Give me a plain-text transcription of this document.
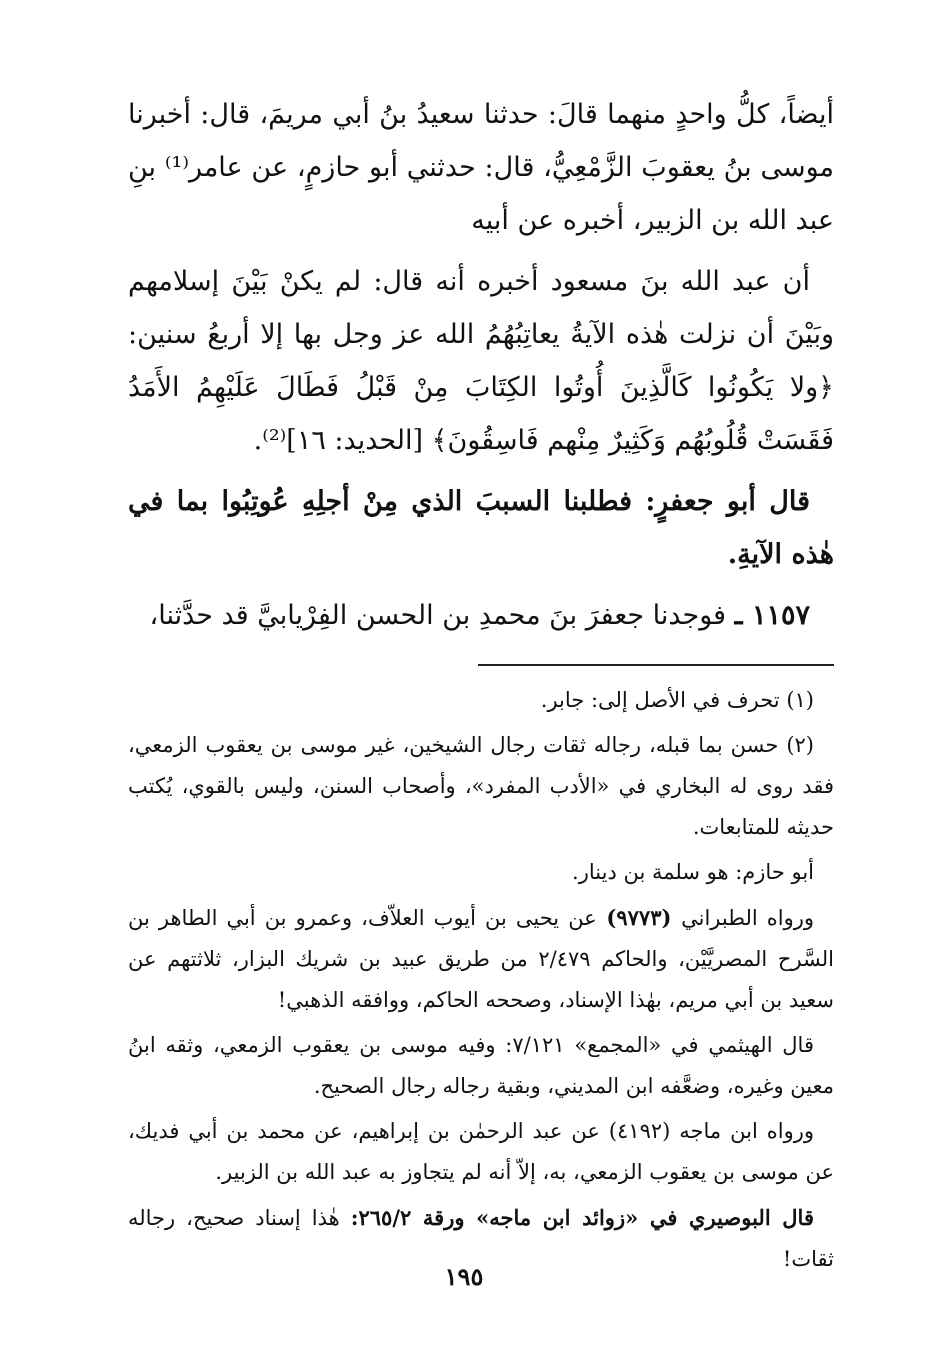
أيضاً، كلُّ واحدٍ منهما قالَ: حدثنا سعيدُ بنُ أبي مريمَ، قال: أخبرنا موسى بنُ يعقوبَ الزَّمْعِيُّ، قال: حدثني أبو حازمٍ، عن عامر⁽¹⁾ بنِ عبد الله بن الزبير، أخبره عن أبيه

أن عبد الله بنَ مسعود أخبره أنه قال: لم يكنْ بَيْنَ إسلامهم وبَيْنَ أن نزلت هٰذه الآيةُ يعاتِبُهُمُ الله عز وجل بها إلا أربعُ سنين: ﴿ولا يَكُونُوا كَالَّذِينَ أُوتُوا الكِتَابَ مِنْ قَبْلُ فَطَالَ عَلَيْهِمُ الأَمَدُ فَقَسَتْ قُلُوبُهُم وَكَثِيرٌ مِنْهم فَاسِقُونَ﴾ [الحديد: ١٦]⁽²⁾.

قال أبو جعفرٍ: فطلبنا السببَ الذي مِنْ أجلِهِ عُوتِبُوا بما في هٰذه الآيةِ.

١١٥٧ ـ فوجدنا جعفرَ بنَ محمدِ بن الحسن الفِرْيابيَّ قد حدَّثنا،

(١) تحرف في الأصل إلى: جابر.

(٢) حسن بما قبله، رجاله ثقات رجال الشيخين، غير موسى بن يعقوب الزمعي، فقد روى له البخاري في «الأدب المفرد»، وأصحاب السنن، وليس بالقوي، يُكتب حديثه للمتابعات.

أبو حازم: هو سلمة بن دينار.

ورواه الطبراني (٩٧٧٣) عن يحيى بن أيوب العلاّف، وعمرو بن أبي الطاهر بن السَّرح المصريَّيْن، والحاكم ٢/٤٧٩ من طريق عبيد بن شريك البزار، ثلاثتهم عن سعيد بن أبي مريم، بهٰذا الإسناد، وصححه الحاكم، ووافقه الذهبي!

قال الهيثمي في «المجمع» ٧/١٢١: وفيه موسى بن يعقوب الزمعي، وثقه ابنُ معين وغيره، وضعَّفه ابن المديني، وبقية رجاله رجال الصحيح.

ورواه ابن ماجه (٤١٩٢) عن عبد الرحمٰن بن إبراهيم، عن محمد بن أبي فديك، عن موسى بن يعقوب الزمعي، به، إلاّ أنه لم يتجاوز به عبد الله بن الزبير.

قال البوصيري في «زوائد ابن ماجه» ورقة ٢٦٥/٢: هٰذا إسناد صحيح، رجاله ثقات!

١٩٥
